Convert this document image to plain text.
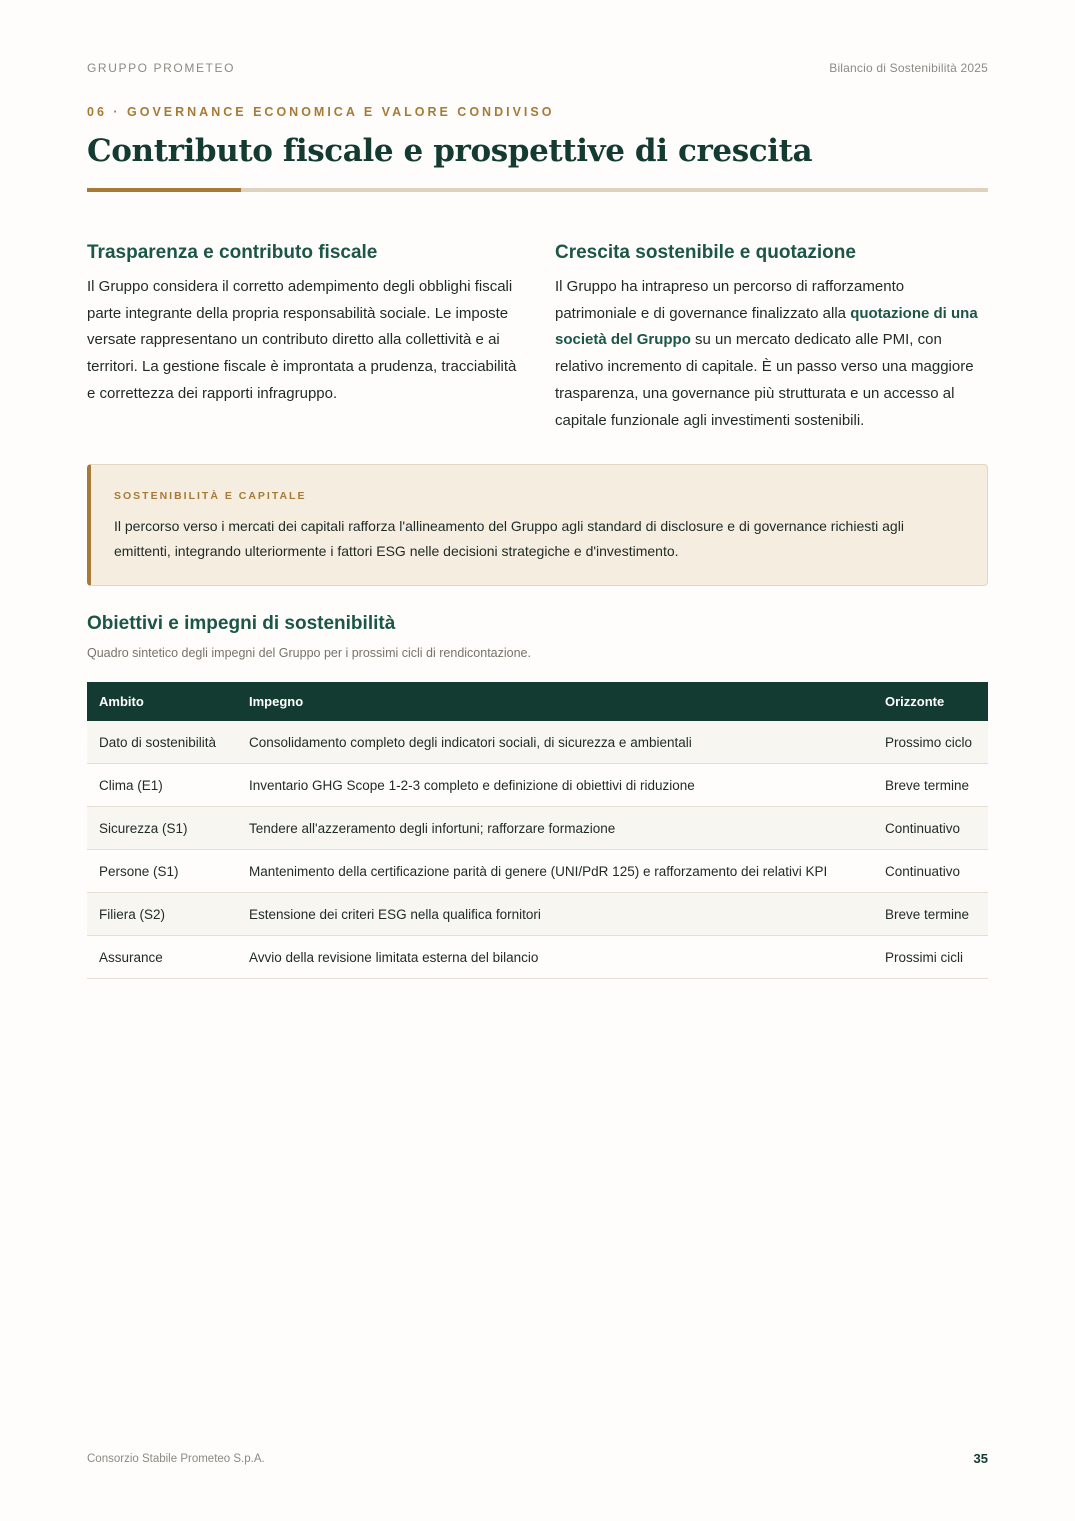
GRUPPO PROMETEO	Bilancio di Sostenibilità 2025
06 · GOVERNANCE ECONOMICA E VALORE CONDIVISO
Contributo fiscale e prospettive di crescita
Trasparenza e contributo fiscale

Il Gruppo considera il corretto adempimento degli obblighi fiscali parte integrante della propria responsabilità sociale. Le imposte versate rappresentano un contributo diretto alla collettività e ai territori. La gestione fiscale è improntata a prudenza, tracciabilità e correttezza dei rapporti infragruppo.

Crescita sostenibile e quotazione

Il Gruppo ha intrapreso un percorso di rafforzamento patrimoniale e di governance finalizzato alla quotazione di una società del Gruppo su un mercato dedicato alle PMI, con relativo incremento di capitale. È un passo verso una maggiore trasparenza, una governance più strutturata e un accesso al capitale funzionale agli investimenti sostenibili.

SOSTENIBILITÀ E CAPITALE
Il percorso verso i mercati dei capitali rafforza l'allineamento del Gruppo agli standard di disclosure e di governance richiesti agli emittenti, integrando ulteriormente i fattori ESG nelle decisioni strategiche e d'investimento.
Obiettivi e impegni di sostenibilità
Quadro sintetico degli impegni del Gruppo per i prossimi cicli di rendicontazione.
Ambito	Impegno	Orizzonte
Dato di sostenibilità	Consolidamento completo degli indicatori sociali, di sicurezza e ambientali	Prossimo ciclo
Clima (E1)	Inventario GHG Scope 1-2-3 completo e definizione di obiettivi di riduzione	Breve termine
Sicurezza (S1)	Tendere all'azzeramento degli infortuni; rafforzare formazione	Continuativo
Persone (S1)	Mantenimento della certificazione parità di genere (UNI/PdR 125) e rafforzamento dei relativi KPI	Continuativo
Filiera (S2)	Estensione dei criteri ESG nella qualifica fornitori	Breve termine
Assurance	Avvio della revisione limitata esterna del bilancio	Prossimi cicli
Consorzio Stabile Prometeo S.p.A.	35
